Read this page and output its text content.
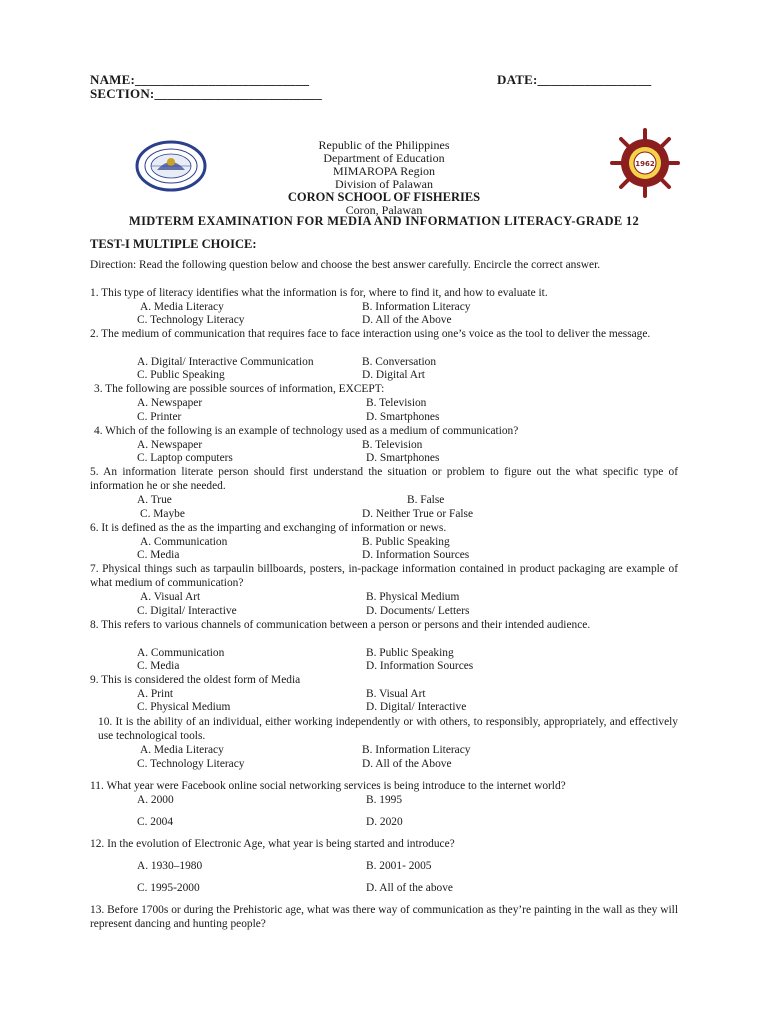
NAME:__________________________	DATE:_________________
SECTION:_________________________
1962
Republic of the Philippines
Department of Education
MIMAROPA Region
Division of Palawan
CORON SCHOOL OF FISHERIES
Coron, Palawan
MIDTERM EXAMINATION FOR MEDIA AND INFORMATION LITERACY-GRADE 12
TEST-I MULTIPLE CHOICE:
Direction: Read the following question below and choose the best answer carefully. Encircle the correct answer.
1. This type of literacy identifies what the information is for, where to find it, and how to evaluate it.
A. Media Literacy	B. Information Literacy
C. Technology Literacy	D. All of the Above
2. The medium of communication that requires face to face interaction using one’s voice as the tool to deliver the message.
A. Digital/ Interactive Communication	B. Conversation
C. Public Speaking	D. Digital Art
3. The following are possible sources of information, EXCEPT:
A. Newspaper	B. Television
C. Printer	D. Smartphones
4. Which of the following is an example of technology used as a medium of communication?
A. Newspaper	B. Television
C. Laptop computers	D. Smartphones
5. An information literate person should first understand the situation or problem to figure out the what specific type of information he or she needed.
A. True	B. False
C. Maybe	D. Neither True or False
6. It is defined as the as the imparting and exchanging of information or news.
A. Communication	B. Public Speaking
C. Media	D. Information Sources
7. Physical things such as tarpaulin billboards, posters, in-package information contained in product packaging are example of what medium of communication?
A. Visual Art	B. Physical Medium
C. Digital/ Interactive	D. Documents/ Letters
8. This refers to various channels of communication between a person or persons and their intended audience.
A. Communication	B. Public Speaking
C. Media	D. Information Sources
9. This is considered the oldest form of Media
A. Print	B. Visual Art
C. Physical Medium	D. Digital/ Interactive
10. It is the ability of an individual, either working independently or with others, to responsibly, appropriately, and effectively use technological tools.
A. Media Literacy	B. Information Literacy
C. Technology Literacy	D. All of the Above
11. What year were Facebook online social networking services is being introduce to the internet world?
A. 2000	B. 1995
C. 2004	D. 2020
12. In the evolution of Electronic Age, what year is being started and introduce?
A. 1930–1980	B. 2001- 2005
C. 1995-2000	D. All of the above
13. Before 1700s or during the Prehistoric age, what was there way of communication as they’re painting in the wall as they will represent dancing and hunting people?
